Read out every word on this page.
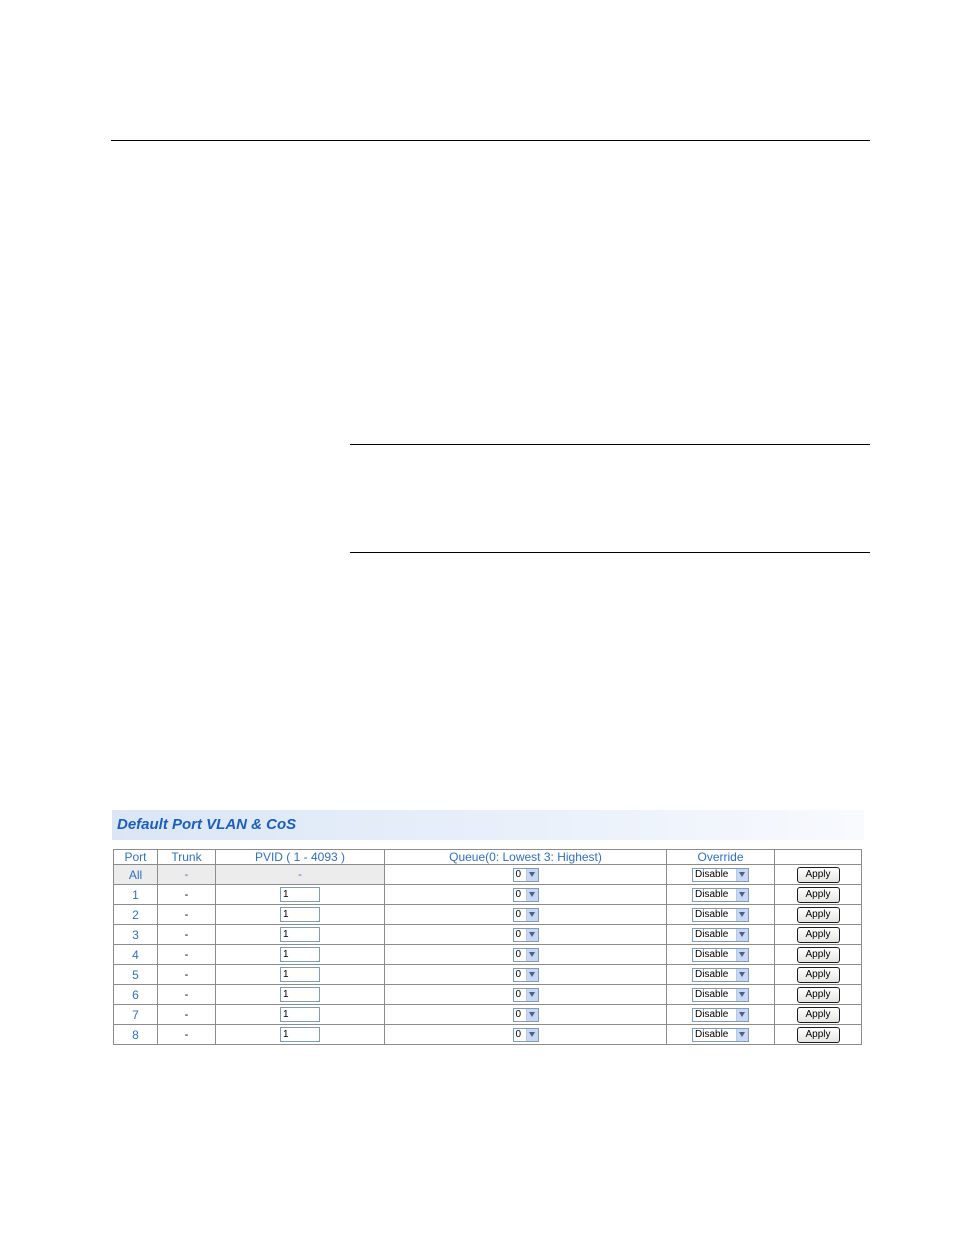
Default Port VLAN & CoS
Port	Trunk	PVID ( 1 - 4093 )	Queue(0: Lowest 3: Highest)	Override	
All	-	-	0	Disable	Apply
1	-	1	0	Disable	Apply
2	-	1	0	Disable	Apply
3	-	1	0	Disable	Apply
4	-	1	0	Disable	Apply
5	-	1	0	Disable	Apply
6	-	1	0	Disable	Apply
7	-	1	0	Disable	Apply
8	-	1	0	Disable	Apply
